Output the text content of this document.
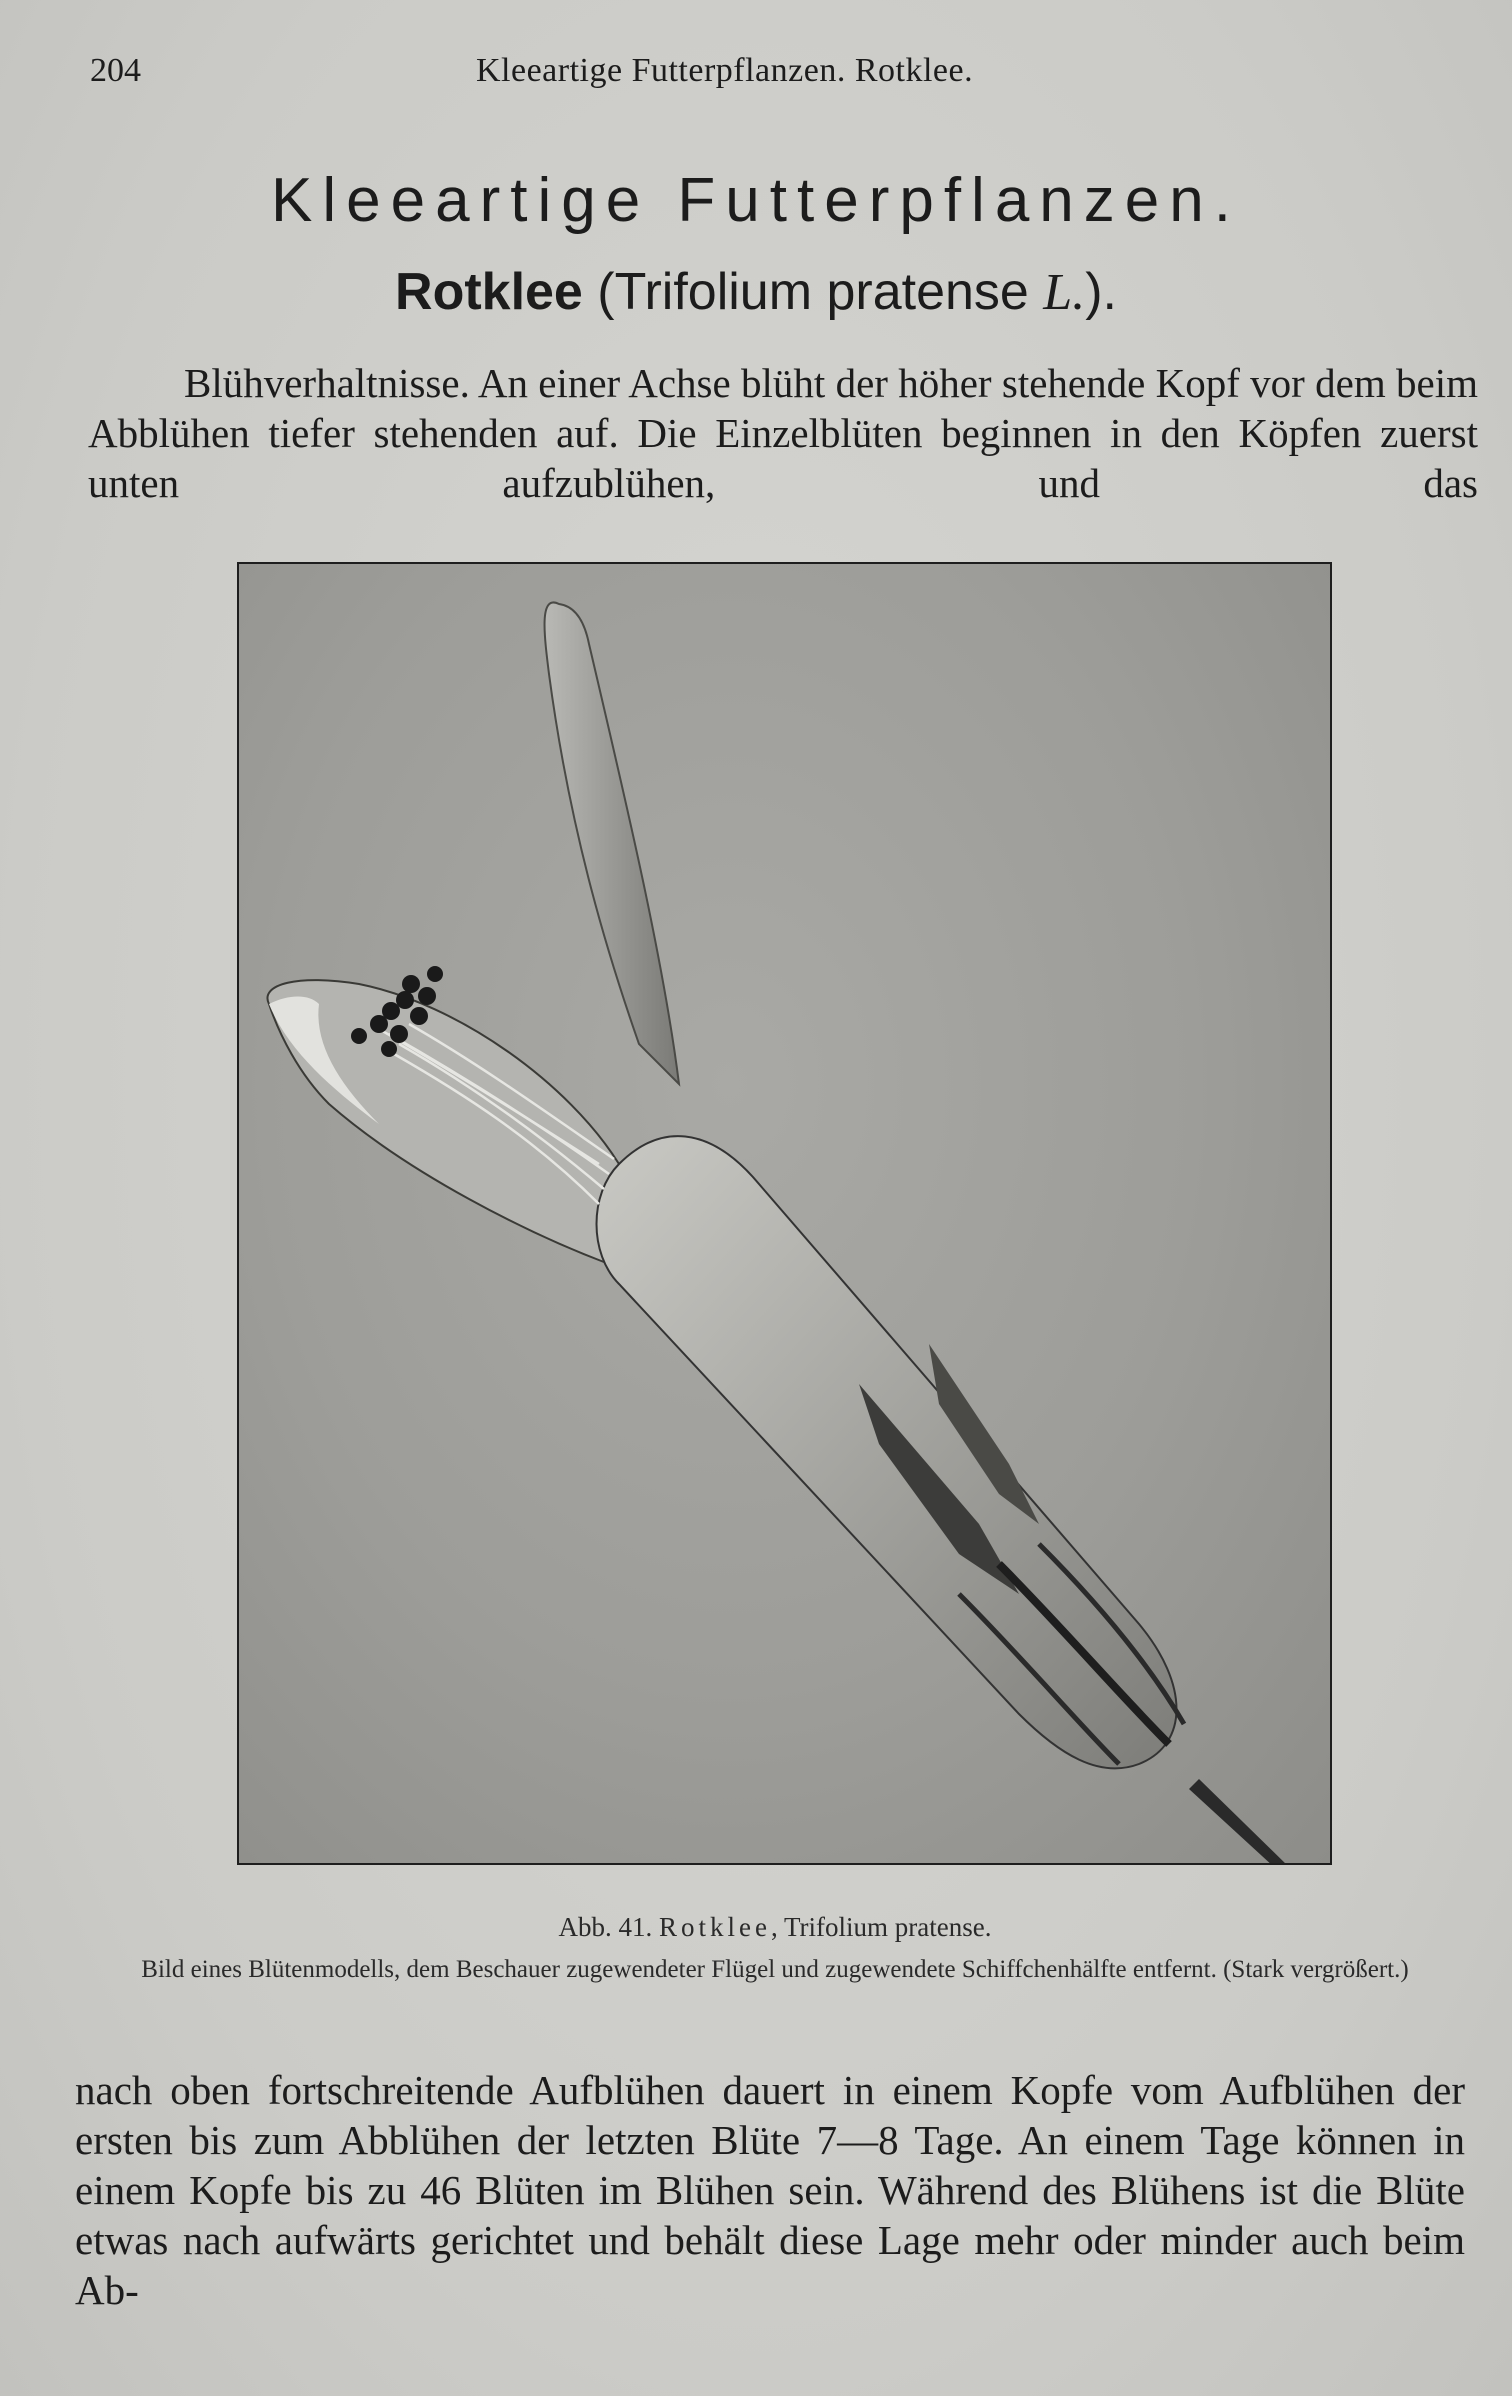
204	Kleeartige Futterpflanzen. Rotklee.
Kleeartige Futterpflanzen.
Rotklee (Trifolium pratense L.).

Blühverhaltnisse. An einer Achse blüht der höher stehende Kopf vor dem beim Abblühen tiefer stehenden auf. Die Einzelblüten beginnen in den Köpfen zuerst unten aufzublühen, und das

Abb. 41. Rotklee, Trifolium pratense.
Bild eines Blütenmodells, dem Beschauer zugewendeter Flügel und zugewendete Schiffchenhälfte entfernt. (Stark vergrößert.)

nach oben fortschreitende Aufblühen dauert in einem Kopfe vom Aufblühen der ersten bis zum Abblühen der letzten Blüte 7—8 Tage. An einem Tage können in einem Kopfe bis zu 46 Blüten im Blühen sein. Während des Blühens ist die Blüte etwas nach aufwärts gerichtet und behält diese Lage mehr oder minder auch beim Ab-
